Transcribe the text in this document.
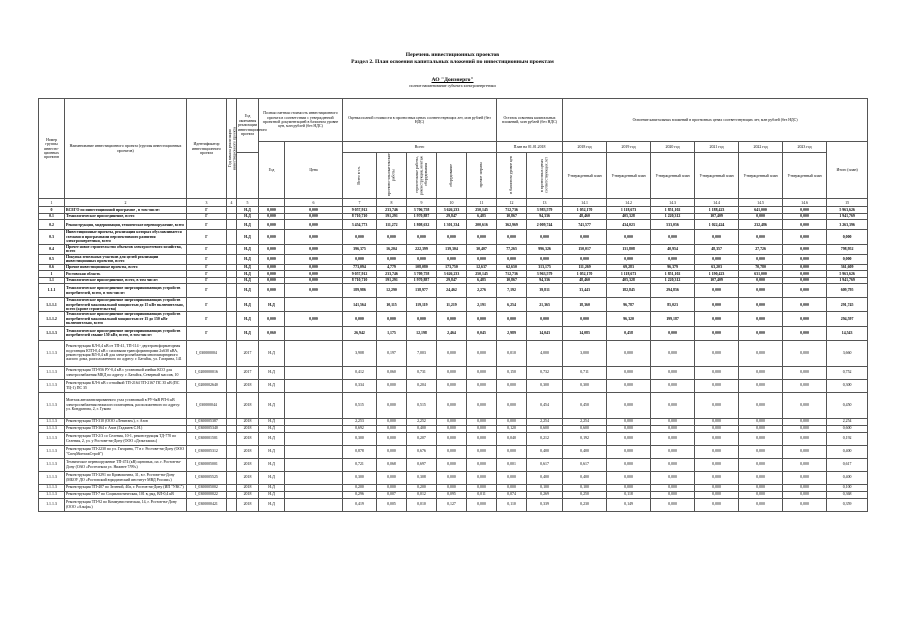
Перечень инвестиционных проектов
Раздел 2. План освоения капитальных вложений по инвестиционным проектам
АО "Донэнерго"
полное наименование субъекта электроэнергетики
Номер группы инвести-ционных проектов	Наименование инвестиционного проекта (группы инвестиционных проектов)	Идентификатор инвестиционного проекта	Год начала реализации инвестиционного проекта	Год окончания реализации инвестиционного проекта	Полная сметная стоимость инвестиционного проекта в соответствии с утвержденной проектной документацией в базисном уровне цен, млн рублей (без НДС)		Оценка полной стоимости в прогнозных ценах соответствующих лет, млн рублей (без НДС)					Остаток освоения капитальных вложений, млн рублей (без НДС)		Освоение капитальных вложений в прогнозных ценах соответствующих лет, млн рублей (без НДС)						
					Год	Цена	Всего					План на 01.01.2018		2018 год	2019 год	2020 год	2021 год	2022 год	2023 год	Итого (план)
							Всего в т.ч.	проектно-изыскательские работы	строительные работы, реконструкция, монтаж оборудования	оборудование	прочие затраты	в базисном уровне цен	в прогнозных ценах соответствующих лет	Утвержденный план	Утвержденный план	Утвержденный план	Утвержденный план	Утвержденный план	Утвержденный план	
1	2	3	4	5		6	7	8	9	10	11	12	13	14.1	14.2	14.3	14.4	14.5	14.6	15
0	ВСЕГО по инвестиционной программе , в том числе:	Г		Н.Д	0,000	0,000	9 057,912	233,746	3 706,758	3 626,233	250,145	712,736	3 983,579	1 052,170	1 118,673	1 851,102	1 188,423	641,000	0,000	5 963,626
0.1	Технологическое присоединение, всего	Г		Н.Д	0,000	0,000	8 710,710	191,291	1 970,887	29,847	6,485	10,867	94,336	48,460	405,328	1 220,312	107,409	0,000	0,000	1 941,769
0.2	Реконструкция, модернизация, техническое перевооружение, всего	Г		Н.Д	0,000	0,000	3 454,773	111,272	1 808,632	1 301,334	200,616	362,969	2 009,744	741,577	434,023	533,056	1 022,424	232,486	0,000	3 263,396
0.3	Инвестиционные проекты, реализация которых обуславливается схемами и программами перспективного развития электроэнергетики, всего	Г		Н.Д	0,000	0,000	0,000	0,000	0,000	0,000	0,000	0,000	0,000	0,000	0,000	0,000	0,000	0,000	0,000	0,000
0.4	Прочее новое строительство объектов электросетевого хозяйства, всего	Г		Н.Д	0,000	0,000	396,375	16,204	222,399	139,304	30,407	77,265	996,326	150,017	131,808	40,954	48,357	27,726	0,000	798,952
0.5	Покупка земельных участков для целей реализации инвестиционных проектов, всего	Г		Н.Д	0,000	0,000	0,000	0,000	0,000	0,000	0,000	0,000	0,000	0,000	0,000	0,000	0,000	0,000	0,000	0,000
0.6	Прочие инвестиционные проекты, всего	Г		Н.Д	0,000	0,000	773,094	4,779	108,080	173,750	12,637	62,650	313,175	111,269	69,283	96,379	63,203	70,780	0,000	361,609
1	Ростовская область	Г		Н.Д	0,000	0,000	9 057,912	233,746	3 709,758	3 626,233	250,145	712,736	3 963,579	1 052,170	1 118,673	1 851,102	1 190,423	631,000	0,000	5 963,626
1.1	Технологическое присоединение, всего, в том числе:	Г		Н.Д	0,000	0,000	8 710,710	191,291	1 970,887	29,847	6,485	10,867	94,336	48,460	405,328	1 220,312	107,409	0,000	0,000	1 941,769
1.1.1	Технологическое присоединение энергопринимающих устройств потребителей, всего, в том числе:	Г		Н.Д	0,000	0,000	189,986	12,290	138,977	24,462	2,276	7,192	39,811	33,443	182,845	294,856	0,000	0,000	0,000	609,795
1.1.1.1	Технологическое присоединение энергопринимающих устройств потребителей максимальной мощностью до 15 кВт включительно, всего (кроме строительства)	Г		Н.Д	Н.Д		141,564	10,115	119,119	11,219	2,191	6,254	21,365	18,360	96,787	85,023	0,000	0,000	0,000	291,745
1.1.1.2	Технологическое присоединение энергопринимающих устройств потребителей максимальной мощностью от 15 до 150 кВт включительно, всего	Г		Н.Д	0,000	0,000	0,000	0,000	0,000	0,000	0,000	0,000	0,000	0,000	96,320	199,187	0,000	0,000	0,000	294,597
1.1.1.3	Технологическое присоединение энергопринимающих устройств потребителей свыше 150 кВт, всего, в том числе:	Г		Н.Д	0,060		26,942	1,175	12,198	2,464	0,045	2,989	14,043	14,085	0,458	0,000	0,000	0,000	0,000	14,543
1.1.1.3	Реконструкция КЛ-0,4 кВ от ТП-41, ТП-114 - двухтрансформаторная подстанция КТП-0,4 кВ с силовыми трансформаторами 2х630 кВА, реконструкция ВЛ-0,4 кВ для электроснабжения многоквартирного жилого дома, расположенного по адресу: г. Батайск, ул. Гагарина, 141	I_030000004		2017	Н.Д		3,908	0,197	7,003	0,000	0,000	0,010	4,000	3,000	0,000	0,000	0,000	0,000	0,000	3,660
1.1.1.3	Реконструкция ТП-956 РУ-0,4 кВ с установкой ячейки КСО для электроснабжения МКД по адресу: г. Батайск, Северный массив, 10	I_0200000016		2017	Н.Д		0,412	0,060	0,731	0,000	0,000	0,150	0,732	0,711	0,000	0,000	0,000	0,000	0,000	0,752
1.1.1.3	Реконструкция КЛ-6 кВ с отпайкой ТП-2164 ТП-2167 ПС 35 кВ (ПС ТЦ-1) ПС 35	I_0200002640		2018	Н.Д		0,334	0,000	0,204	0,000	0,000	0,000	0,300	0,300	0,000	0,000	0,000	0,000	0,000	0,300
1.1.1.3	Монтаж автоматизированного узла установкой в РУ-6кВ РП-6 кВ электроснабжения нежилого помещения, расположенного по адресу: ул. Кондратова, 2, г. Гуково	I_030000044		2018	Н.Д		0,515	0,000	0,515	0,000	0,000	0,000	0,454	0,450	0,000	0,000	0,000	0,000	0,000	0,450
1.1.1.3	Реконструкция ТП-310 (ООО «Левитан»), г. Азов	I_0300005387		2018	Н.Д		2,253	0,000	2,252	0,000	0,000	0,000	2,254	2,254	0,000	0,000	0,000	0,000	0,000	2,254
1.1.1.3	Реконструкция ТП-364 г. Азов (Гаджиев С.Н.)	I_0300005340		2018	Н.Д		0,692	0,000	0,400	0,000	0,000	0,120	0,600	0,600	0,000	0,000	0,000	0,000	0,000	0,600
1.1.1.3	Реконструкция ТП-2/3 со Селения, 10-1, реконструкция ТД-770 по Селения, 2, ул. у Ростове-на-Дону (ООО «Дельтахим»)	I_0300001501		2018	Н.Д		0,300	0,000	0,207	0,000	0,000	0,040	0,212	0,192	0,000	0,000	0,000	0,000	0,000	0,192
1.1.1.3	Реконструкция ТП-2230 по ул. Гагарина, 77 в г. Ростове-на-Дону (ООО "СпецМонтажСтрой")	I_0300005312		2018	Н.Д		0,878	0,000	0,676	0,000	0,000	0,000	0,400	0,400	0,000	0,000	0,000	0,000	0,000	0,400
1.1.1.3	Техническое перевооружение ТП-474 (кВ) щитовых, пл. г. Ростов-на-Дону (ОАО «Ростелеком ул. Нижнее 7/99»)	I_0300005001		2018	Н.Д		0,721	0,068	0,697	0,000	0,000	0,001	0,617	0,617	0,000	0,000	0,000	0,000	0,000	0,617
1.1.1.3	Реконструкция ТП-3291 по Кривошеина, 31, в г. Ростове-на-Дону (МБОУ ДО «Ростовский юридический институт МВД России»)	I_0300005525		2018	Н.Д		0,300	0,000	0,308	0,000	0,000	0,000	0,400	0,400	0,000	0,000	0,000	0,000	0,000	0,400
1.1.1.3	Реконструкция ТП-407 по Зеленой, 40а, г. Ростов-на-Дону (ИП "УВС")	I_0300005002		2018	Н.Д		0,200	0,000	0,200	0,000	0,000	0,000	0,100	0,100	0,000	0,000	0,000	0,000	0,000	0,100
1.1.1.3	Реконструкция ТП-7 по Социалистическая, 101 в, ряд, ВЛ-0,4 кВ	I_0300000022		2018	Н.Д		0,296	0,007	0,012	0,095	0,011	0,074	0,269	0,250	0,118	0,000	0,000	0,000	0,000	0,368
1.1.1.3	Реконструкция ТП-92 по Коммунистическая, 14, г. Ростов-на-Дону (ООО «Альфа»)	I_0300000421		2018	Н.Д		0,419	0,005	0,010	0,127	0,000	0,110	0,339	0,230	0,149	0,000	0,000	0,000	0,000	0,359
